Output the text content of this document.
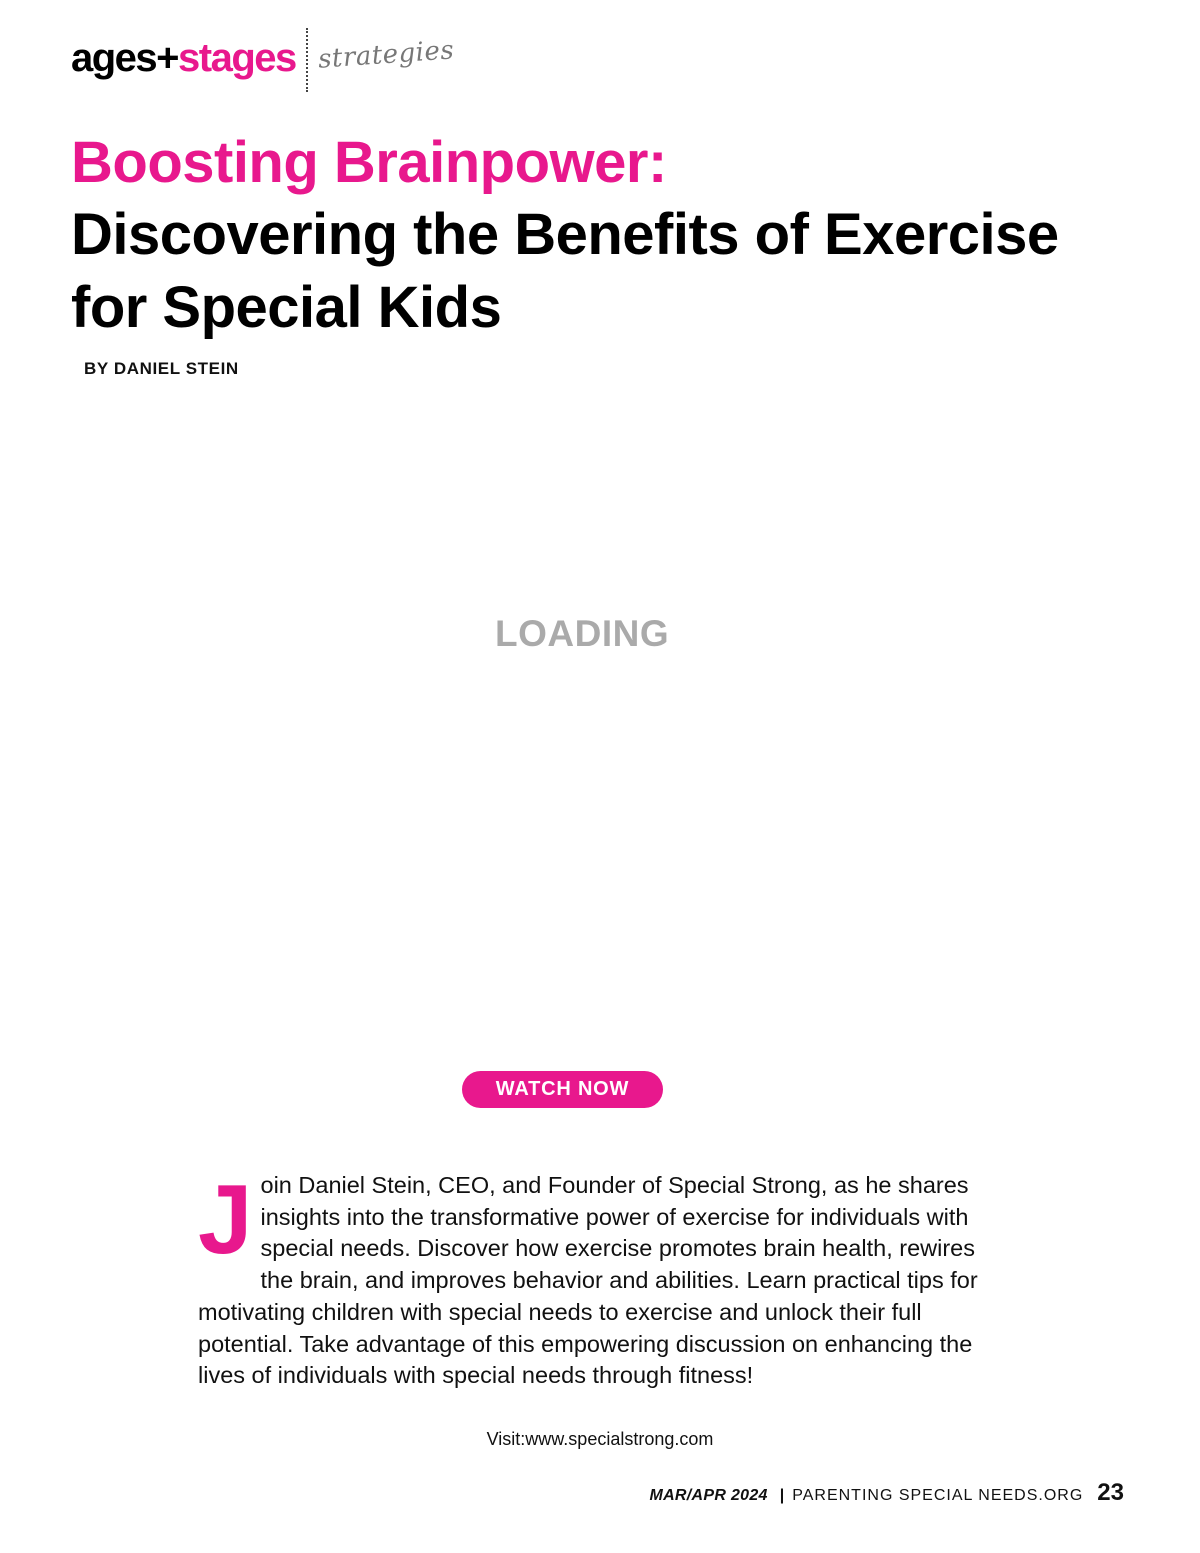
ages+stages strategies
Boosting Brainpower:
Discovering the Benefits of Exercise
for Special Kids
BY DANIEL STEIN
LOADING
WATCH NOW
Join Daniel Stein, CEO, and Founder of Special Strong, as he shares insights into the transformative power of exercise for individuals with special needs. Discover how exercise promotes brain health, rewires the brain, and improves behavior and abilities. Learn practical tips for motivating children with special needs to exercise and unlock their full potential. Take advantage of this empowering discussion on enhancing the lives of individuals with special needs through fitness!
Visit:www.specialstrong.com
MAR/APR 2024 | PARENTING SPECIAL NEEDS.ORG 23
